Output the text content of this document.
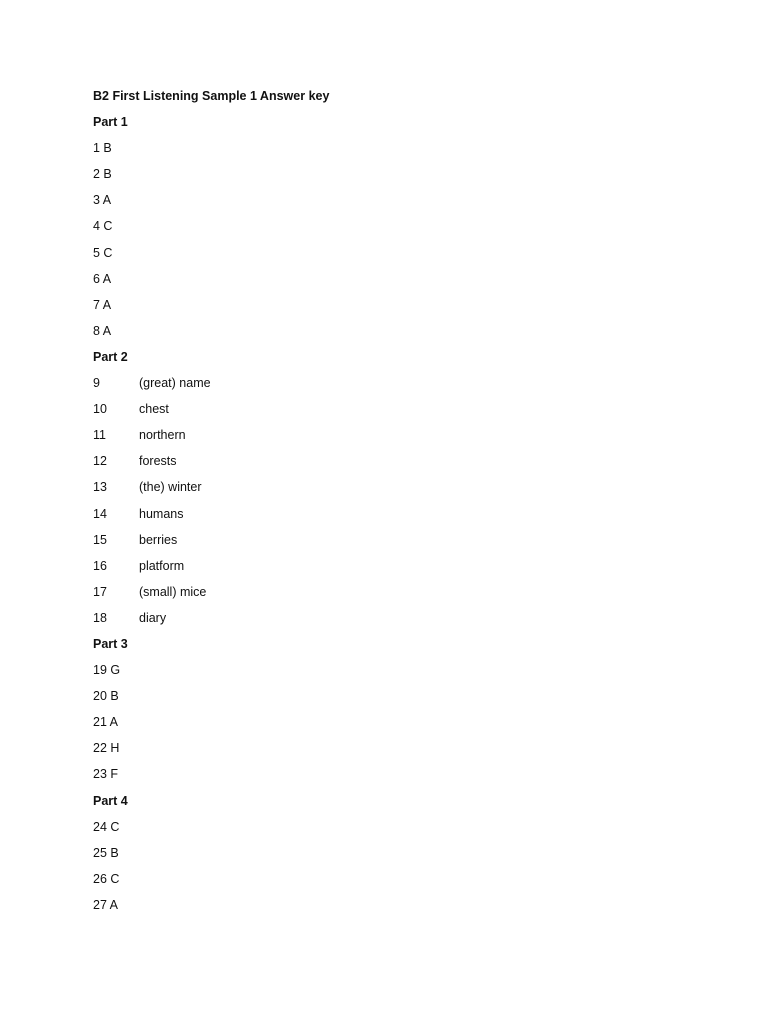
B2 First Listening Sample 1 Answer key
Part 1
1 B
2 B
3 A
4 C
5 C
6 A
7 A
8 A
Part 2
9	(great) name
10	chest
11	northern
12	forests
13	(the) winter
14	humans
15	berries
16	platform
17	(small) mice
18	diary
Part 3
19 G
20 B
21 A
22 H
23 F
Part 4
24 C
25 B
26 C
27 A
